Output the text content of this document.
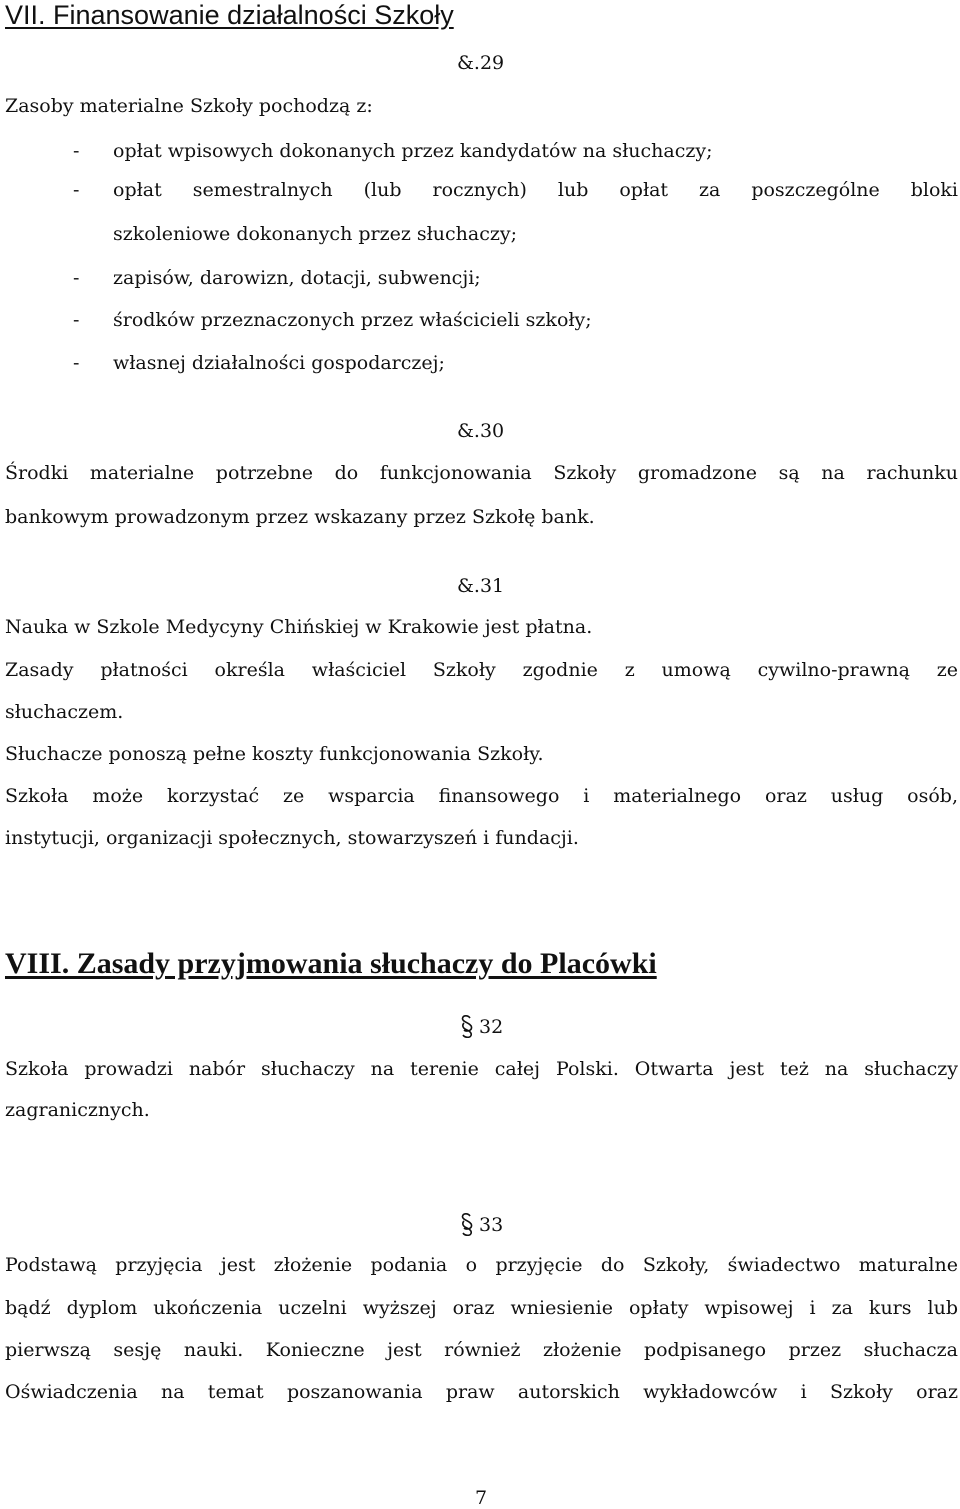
VII. Finansowanie działalności Szkoły
&.29
Zasoby materialne Szkoły pochodzą z:
- opłat wpisowych dokonanych przez kandydatów na słuchaczy;
- opłat semestralnych (lub rocznych) lub opłat za poszczególne bloki
szkoleniowe dokonanych przez słuchaczy;
- zapisów, darowizn, dotacji, subwencji;
- środków przeznaczonych przez właścicieli szkoły;
- własnej działalności gospodarczej;
&.30
Środki materialne potrzebne do funkcjonowania Szkoły gromadzone są na rachunku
bankowym prowadzonym przez wskazany przez Szkołę bank.
&.31
Nauka w Szkole Medycyny Chińskiej w Krakowie jest płatna.
Zasady płatności określa właściciel Szkoły zgodnie z umową cywilno-prawną ze
słuchaczem.
Słuchacze ponoszą pełne koszty funkcjonowania Szkoły.
Szkoła może korzystać ze wsparcia finansowego i materialnego oraz usług osób,
instytucji, organizacji społecznych, stowarzyszeń i fundacji.
VIII. Zasady przyjmowania słuchaczy do Placówki
32
Szkoła prowadzi nabór słuchaczy na terenie całej Polski. Otwarta jest też na słuchaczy
zagranicznych.
33
Podstawą przyjęcia jest złożenie podania o przyjęcie do Szkoły, świadectwo maturalne
bądź dyplom ukończenia uczelni wyższej oraz wniesienie opłaty wpisowej i za kurs lub
pierwszą sesję nauki. Konieczne jest również złożenie podpisanego przez słuchacza
Oświadczenia na temat poszanowania praw autorskich wykładowców i Szkoły oraz
7
